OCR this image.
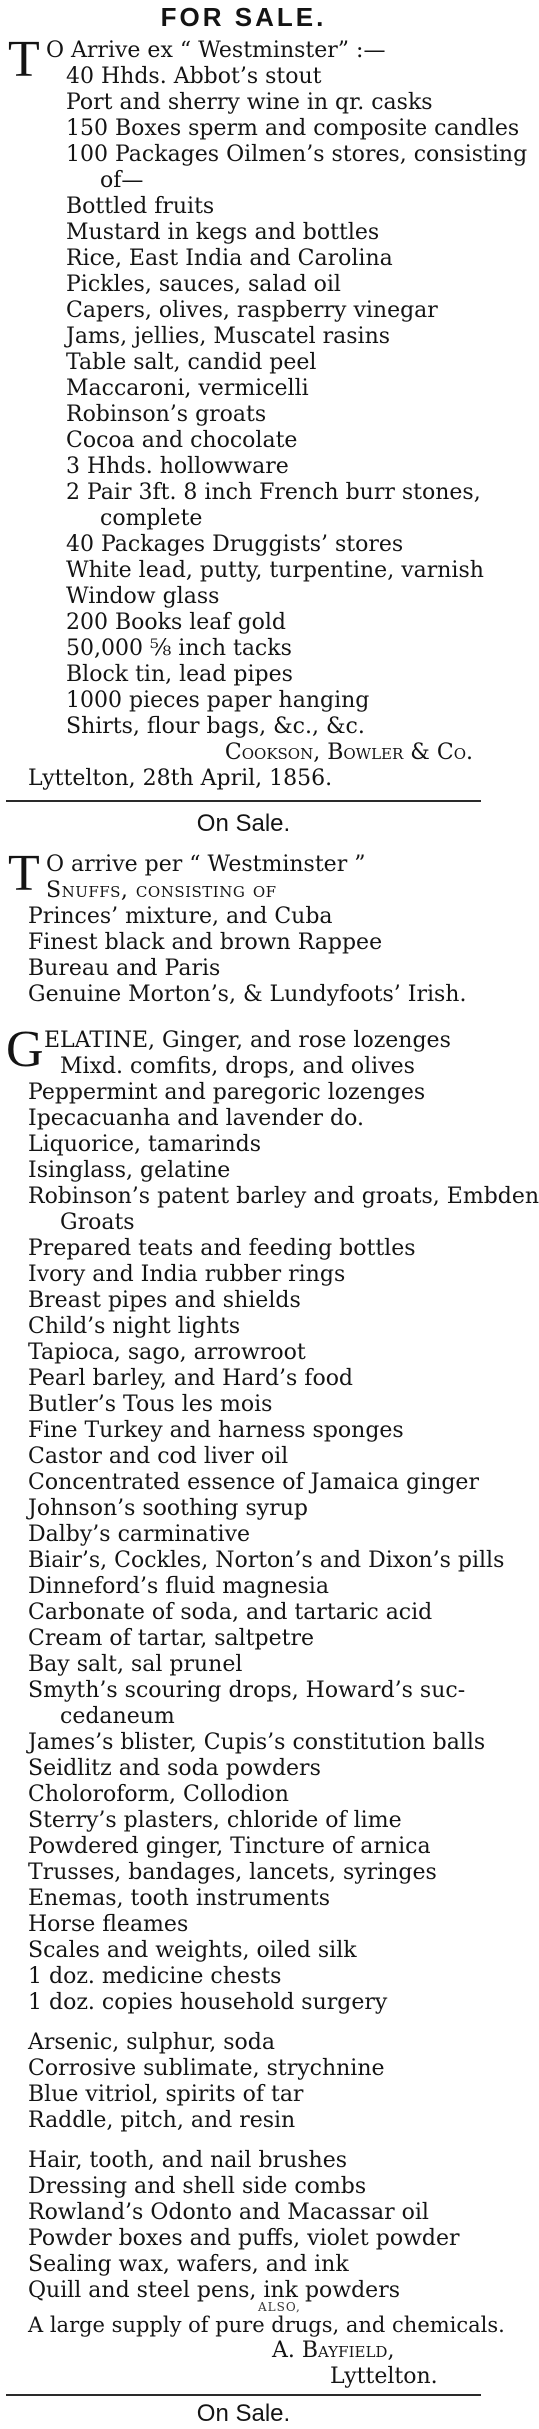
FOR SALE.
T O Arrive ex “ Westminster” :—
40 Hhds. Abbot’s stout
Port and sherry wine in qr. casks
150 Boxes sperm and composite candles
100 Packages Oilmen’s stores, consisting
of—
Bottled fruits
Mustard in kegs and bottles
Rice, East India and Carolina
Pickles, sauces, salad oil
Capers, olives, raspberry vinegar
Jams, jellies, Muscatel rasins
Table salt, candid peel
Maccaroni, vermicelli
Robinson’s groats
Cocoa and chocolate
3 Hhds. hollowware
2 Pair 3ft. 8 inch French burr stones,
complete
40 Packages Druggists’ stores
White lead, putty, turpentine, varnish
Window glass
200 Books leaf gold
50,000 ⅝ inch tacks
Block tin, lead pipes
1000 pieces paper hanging
Shirts, flour bags, &c., &c.
Cookson, Bowler & Co.
Lyttelton, 28th April, 1856.
On Sale.
T O arrive per “ Westminster ”
Snuffs, consisting of
Princes’ mixture, and Cuba
Finest black and brown Rappee
Bureau and Paris
Genuine Morton’s, & Lundyfoots’ Irish.
G ELATINE, Ginger, and rose lozenges
Mixd. comfits, drops, and olives
Peppermint and paregoric lozenges
Ipecacuanha and lavender do.
Liquorice, tamarinds
Isinglass, gelatine
Robinson’s patent barley and groats, Embden
Groats
Prepared teats and feeding bottles
Ivory and India rubber rings
Breast pipes and shields
Child’s night lights
Tapioca, sago, arrowroot
Pearl barley, and Hard’s food
Butler’s Tous les mois
Fine Turkey and harness sponges
Castor and cod liver oil
Concentrated essence of Jamaica ginger
Johnson’s soothing syrup
Dalby’s carminative
Biair’s, Cockles, Norton’s and Dixon’s pills
Dinneford’s fluid magnesia
Carbonate of soda, and tartaric acid
Cream of tartar, saltpetre
Bay salt, sal prunel
Smyth’s scouring drops, Howard’s suc-
cedaneum
James’s blister, Cupis’s constitution balls
Seidlitz and soda powders
Choloroform, Collodion
Sterry’s plasters, chloride of lime
Powdered ginger, Tincture of arnica
Trusses, bandages, lancets, syringes
Enemas, tooth instruments
Horse fleames
Scales and weights, oiled silk
1 doz. medicine chests
1 doz. copies household surgery
Arsenic, sulphur, soda
Corrosive sublimate, strychnine
Blue vitriol, spirits of tar
Raddle, pitch, and resin
Hair, tooth, and nail brushes
Dressing and shell side combs
Rowland’s Odonto and Macassar oil
Powder boxes and puffs, violet powder
Sealing wax, wafers, and ink
Quill and steel pens, ink powders
ALSO,
A large supply of pure drugs, and chemicals.
A. Bayfield,
Lyttelton.
On Sale.
